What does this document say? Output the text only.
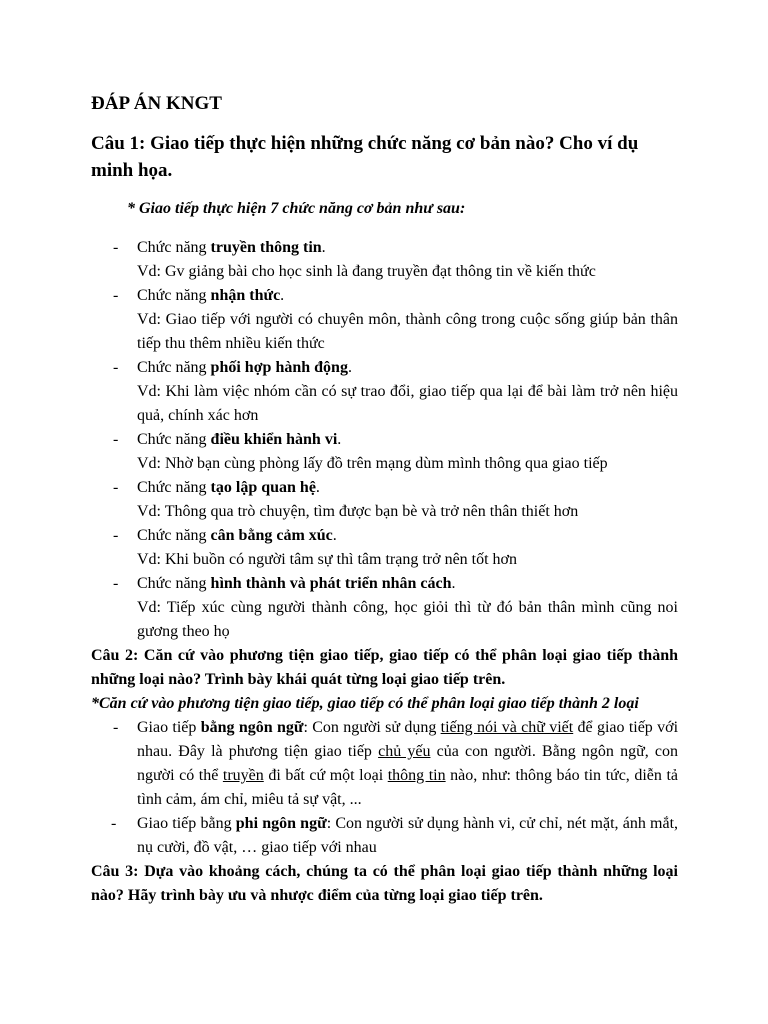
ĐÁP ÁN KNGT
Câu 1: Giao tiếp thực hiện những chức năng cơ bản nào? Cho ví dụ minh họa.
* Giao tiếp thực hiện 7 chức năng cơ bản như sau:
- Chức năng truyền thông tin.
Vd: Gv giảng bài cho học sinh là đang truyền đạt thông tin về kiến thức
- Chức năng nhận thức.
Vd: Giao tiếp với người có chuyên môn, thành công trong cuộc sống giúp bản thân tiếp thu thêm nhiều kiến thức
- Chức năng phối hợp hành động.
Vd: Khi làm việc nhóm cần có sự trao đổi, giao tiếp qua lại để bài làm trở nên hiệu quả, chính xác hơn
- Chức năng điều khiển hành vi.
Vd: Nhờ bạn cùng phòng lấy đồ trên mạng dùm mình thông qua giao tiếp
- Chức năng tạo lập quan hệ.
Vd: Thông qua trò chuyện, tìm được bạn bè và trở nên thân thiết hơn
- Chức năng cân bằng cảm xúc.
Vd: Khi buồn có người tâm sự thì tâm trạng trở nên tốt hơn
- Chức năng hình thành và phát triển nhân cách.
Vd: Tiếp xúc cùng người thành công, học giỏi thì từ đó bản thân mình cũng noi gương theo họ
Câu 2: Căn cứ vào phương tiện giao tiếp, giao tiếp có thể phân loại giao tiếp thành những loại nào? Trình bày khái quát từng loại giao tiếp trên.
*Căn cứ vào phương tiện giao tiếp, giao tiếp có thể phân loại giao tiếp thành 2 loại
- Giao tiếp bằng ngôn ngữ: Con người sử dụng tiếng nói và chữ viết để giao tiếp với nhau. Đây là phương tiện giao tiếp chủ yếu của con người. Bằng ngôn ngữ, con người có thể truyền đi bất cứ một loại thông tin nào, như: thông báo tin tức, diễn tả tình cảm, ám chỉ, miêu tả sự vật, ...
- Giao tiếp bằng phi ngôn ngữ: Con người sử dụng hành vi, cử chỉ, nét mặt, ánh mắt, nụ cười, đồ vật, … giao tiếp với nhau
Câu 3: Dựa vào khoảng cách, chúng ta có thể phân loại giao tiếp thành những loại nào? Hãy trình bày ưu và nhược điểm của từng loại giao tiếp trên.
